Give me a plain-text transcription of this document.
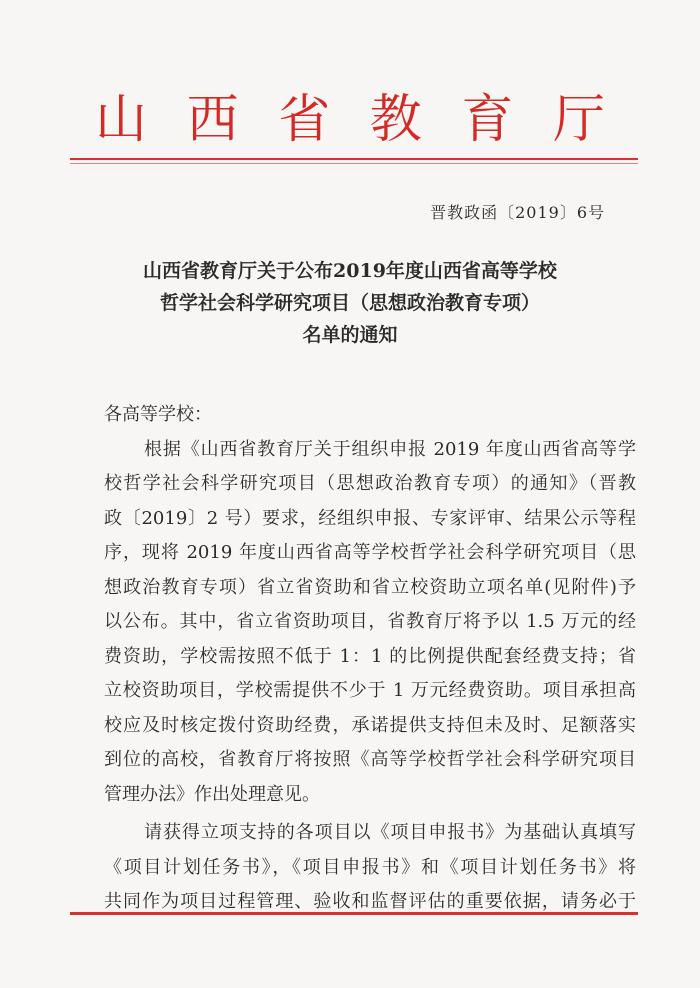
山 西 省 教 育 厅
晋教政函〔2019〕6号
山西省教育厅关于公布2019年度山西省高等学校
哲学社会科学研究项目（思想政治教育专项）
名单的通知
各高等学校：
根据《山西省教育厅关于组织申报 2019 年度山西省高等学
校哲学社会科学研究项目（思想政治教育专项）的通知》（晋教
政〔2019〕2 号）要求，经组织申报、专家评审、结果公示等程
序，现将 2019 年度山西省高等学校哲学社会科学研究项目（思
想政治教育专项）省立省资助和省立校资助立项名单(见附件)予
以公布。其中，省立省资助项目，省教育厅将予以 1.5 万元的经
费资助，学校需按照不低于 1：1 的比例提供配套经费支持；省
立校资助项目，学校需提供不少于 1 万元经费资助。项目承担高
校应及时核定拨付资助经费，承诺提供支持但未及时、足额落实
到位的高校，省教育厅将按照《高等学校哲学社会科学研究项目
管理办法》作出处理意见。
请获得立项支持的各项目以《项目申报书》为基础认真填写
《项目计划任务书》，《项目申报书》和《项目计划任务书》将
共同作为项目过程管理、验收和监督评估的重要依据，请务必于
